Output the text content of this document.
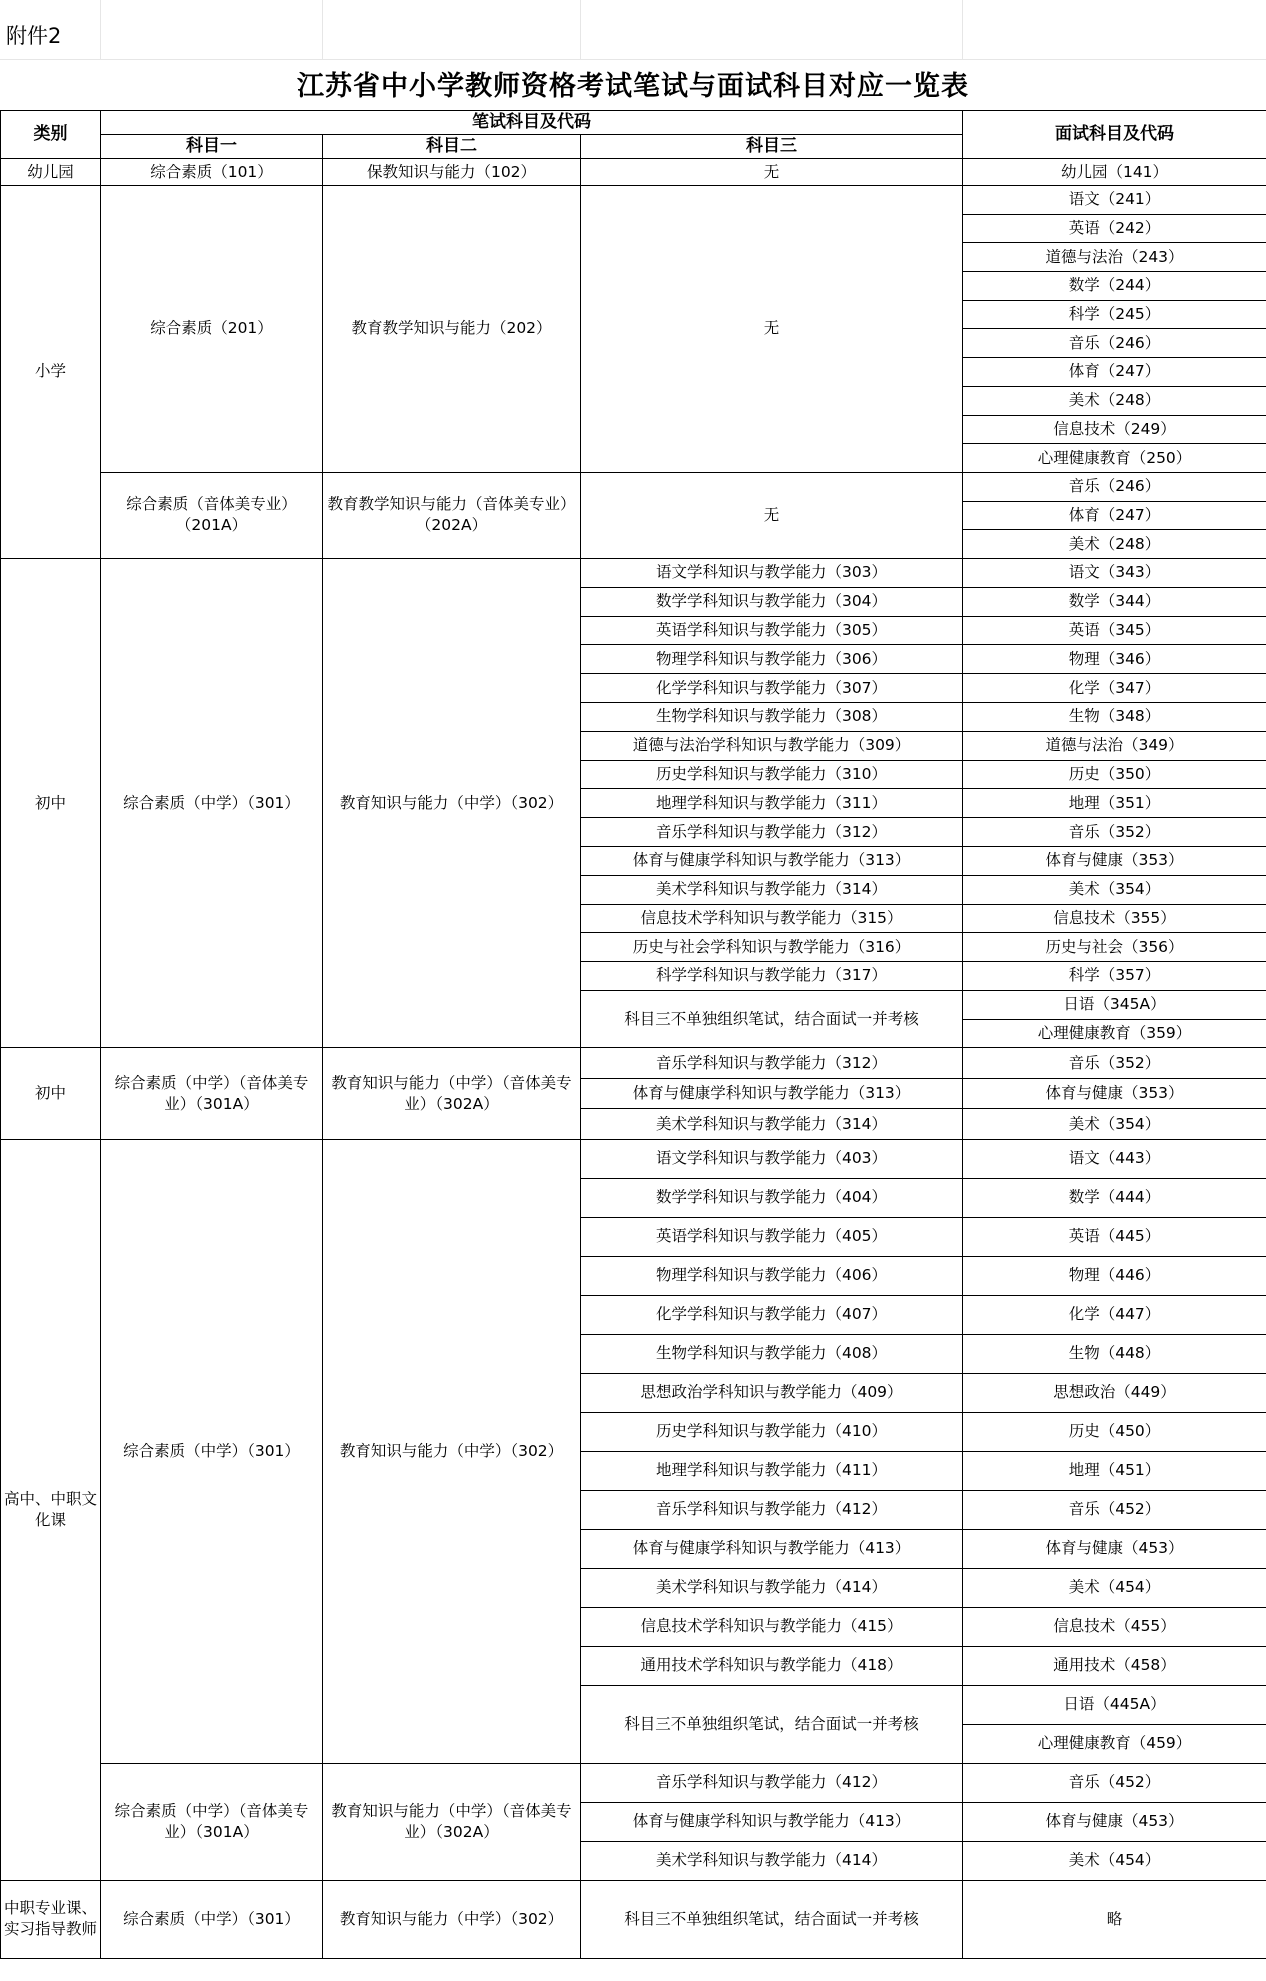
附件2
江苏省中小学教师资格考试笔试与面试科目对应一览表
类别	笔试科目及代码			面试科目及代码
	科目一	科目二	科目三	
幼儿园	综合素质（101）	保教知识与能力（102）	无	幼儿园（141）
小学	综合素质（201）	教育教学知识与能力（202）	无	语文（241）
				英语（242）
				道德与法治（243）
				数学（244）
				科学（245）
				音乐（246）
				体育（247）
				美术（248）
				信息技术（249）
				心理健康教育（250）
	综合素质（音体美专业）（201A）	教育教学知识与能力（音体美专业）（202A）	无	音乐（246）
				体育（247）
				美术（248）
初中	综合素质（中学）（301）	教育知识与能力（中学）（302）	语文学科知识与教学能力（303）	语文（343）
			数学学科知识与教学能力（304）	数学（344）
			英语学科知识与教学能力（305）	英语（345）
			物理学科知识与教学能力（306）	物理（346）
			化学学科知识与教学能力（307）	化学（347）
			生物学科知识与教学能力（308）	生物（348）
			道德与法治学科知识与教学能力（309）	道德与法治（349）
			历史学科知识与教学能力（310）	历史（350）
			地理学科知识与教学能力（311）	地理（351）
			音乐学科知识与教学能力（312）	音乐（352）
			体育与健康学科知识与教学能力（313）	体育与健康（353）
			美术学科知识与教学能力（314）	美术（354）
			信息技术学科知识与教学能力（315）	信息技术（355）
			历史与社会学科知识与教学能力（316）	历史与社会（356）
			科学学科知识与教学能力（317）	科学（357）
			科目三不单独组织笔试，结合面试一并考核	日语（345A）
				心理健康教育（359）
初中	综合素质（中学）（音体美专业）（301A）	教育知识与能力（中学）（音体美专业）（302A）	音乐学科知识与教学能力（312）	音乐（352）
			体育与健康学科知识与教学能力（313）	体育与健康（353）
			美术学科知识与教学能力（314）	美术（354）
高中、中职文化课	综合素质（中学）（301）	教育知识与能力（中学）（302）	语文学科知识与教学能力（403）	语文（443）
			数学学科知识与教学能力（404）	数学（444）
			英语学科知识与教学能力（405）	英语（445）
			物理学科知识与教学能力（406）	物理（446）
			化学学科知识与教学能力（407）	化学（447）
			生物学科知识与教学能力（408）	生物（448）
			思想政治学科知识与教学能力（409）	思想政治（449）
			历史学科知识与教学能力（410）	历史（450）
			地理学科知识与教学能力（411）	地理（451）
			音乐学科知识与教学能力（412）	音乐（452）
			体育与健康学科知识与教学能力（413）	体育与健康（453）
			美术学科知识与教学能力（414）	美术（454）
			信息技术学科知识与教学能力（415）	信息技术（455）
			通用技术学科知识与教学能力（418）	通用技术（458）
			科目三不单独组织笔试，结合面试一并考核	日语（445A）
				心理健康教育（459）
	综合素质（中学）（音体美专业）（301A）	教育知识与能力（中学）（音体美专业）（302A）	音乐学科知识与教学能力（412）	音乐（452）
			体育与健康学科知识与教学能力（413）	体育与健康（453）
			美术学科知识与教学能力（414）	美术（454）
中职专业课、实习指导教师	综合素质（中学）（301）	教育知识与能力（中学）（302）	科目三不单独组织笔试，结合面试一并考核	略
